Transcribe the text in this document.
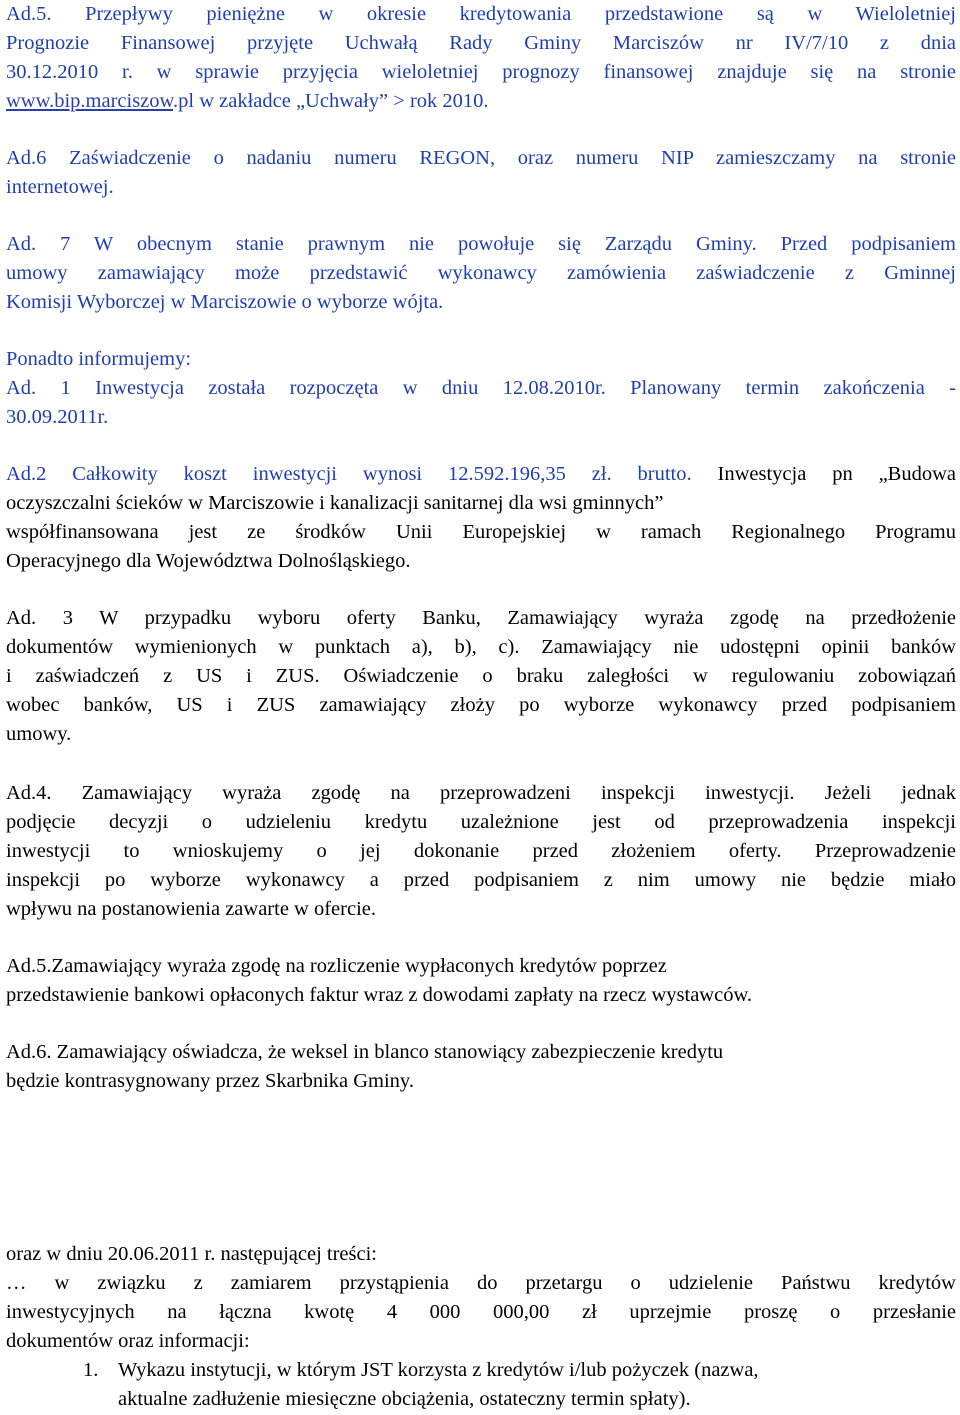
Ad.5. Przepływy pieniężne w okresie kredytowania przedstawione są w Wieloletniej

Prognozie Finansowej przyjęte Uchwałą Rady Gminy Marciszów nr IV/7/10 z dnia

30.12.2010 r. w sprawie przyjęcia wieloletniej prognozy finansowej znajduje się na stronie

www.bip.marciszow.pl w zakładce „Uchwały” > rok 2010.

Ad.6 Zaświadczenie o nadaniu numeru REGON, oraz numeru NIP zamieszczamy na stronie

internetowej.

Ad. 7 W obecnym stanie prawnym nie powołuje się Zarządu Gminy. Przed podpisaniem

umowy zamawiający może przedstawić wykonawcy zamówienia zaświadczenie z Gminnej

Komisji Wyborczej w Marciszowie o wyborze wójta.

Ponadto informujemy:

Ad. 1 Inwestycja została rozpoczęta w dniu 12.08.2010r. Planowany termin zakończenia -

30.09.2011r.

Ad.2 Całkowity koszt inwestycji wynosi 12.592.196,35 zł. brutto. Inwestycja pn „Budowa

oczyszczalni ścieków w Marciszowie i kanalizacji sanitarnej dla wsi gminnych”

współfinansowana jest ze środków Unii Europejskiej w ramach Regionalnego Programu

Operacyjnego dla Województwa Dolnośląskiego.

Ad. 3 W przypadku wyboru oferty Banku, Zamawiający wyraża zgodę na przedłożenie

dokumentów wymienionych w punktach a), b), c). Zamawiający nie udostępni opinii banków

i zaświadczeń z US i ZUS. Oświadczenie o braku zaległości w regulowaniu zobowiązań

wobec banków, US i ZUS zamawiający złoży po wyborze wykonawcy przed podpisaniem

umowy.

Ad.4. Zamawiający wyraża zgodę na przeprowadzeni inspekcji inwestycji. Jeżeli jednak

podjęcie decyzji o udzieleniu kredytu uzależnione jest od przeprowadzenia inspekcji

inwestycji to wnioskujemy o jej dokonanie przed złożeniem oferty. Przeprowadzenie

inspekcji po wyborze wykonawcy a przed podpisaniem z nim umowy nie będzie miało

wpływu na postanowienia zawarte w ofercie.

Ad.5.Zamawiający wyraża zgodę na rozliczenie wypłaconych kredytów poprzez

przedstawienie bankowi opłaconych faktur wraz z dowodami zapłaty na rzecz wystawców.

Ad.6. Zamawiający oświadcza, że weksel in blanco stanowiący zabezpieczenie kredytu

będzie kontrasygnowany przez Skarbnika Gminy.

oraz w dniu 20.06.2011 r. następującej treści:

… w związku z zamiarem przystąpienia do przetargu o udzielenie Państwu kredytów

inwestycyjnych na łączna kwotę 4 000 000,00 zł uprzejmie proszę o przesłanie

dokumentów oraz informacji:

1. Wykazu instytucji, w którym JST korzysta z kredytów i/lub pożyczek (nazwa,

aktualne zadłużenie miesięczne obciążenia, ostateczny termin spłaty).
